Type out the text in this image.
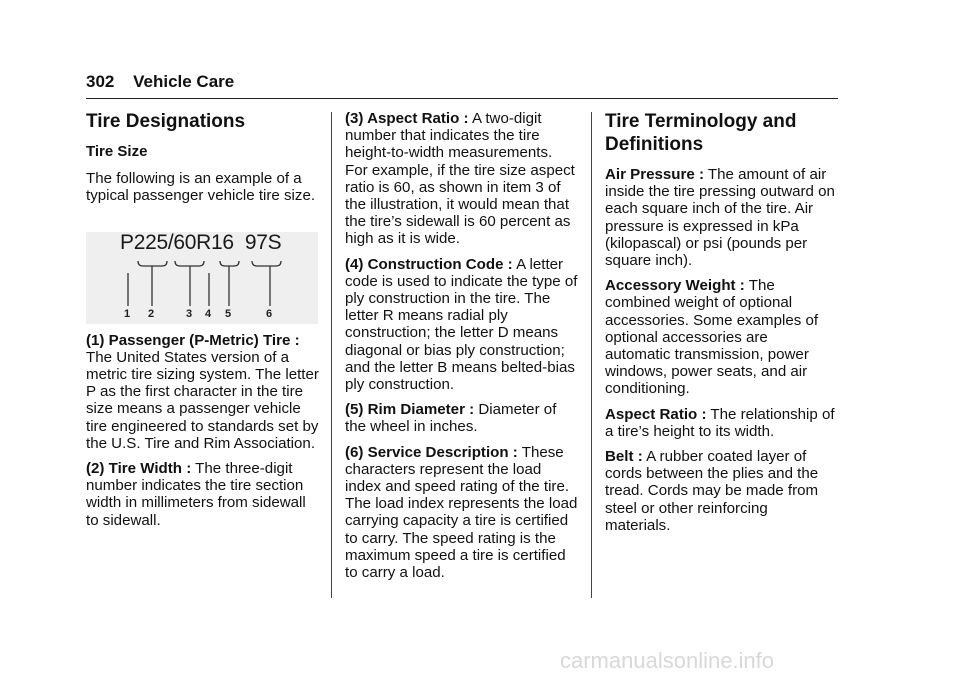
302 Vehicle Care
Tire Designations
Tire Size

The following is an example of a typical passenger vehicle tire size.

P225/60R16 97S
1 2	3 4 5	6

(1) Passenger (P-Metric) Tire : The United States version of a metric tire sizing system. The letter P as the first character in the tire size means a passenger vehicle tire engineered to standards set by the U.S. Tire and Rim Association.

(2) Tire Width : The three-digit number indicates the tire section width in millimeters from sidewall to sidewall.

(3) Aspect Ratio : A two-digit number that indicates the tire height-to-width measurements. For example, if the tire size aspect ratio is 60, as shown in item 3 of the illustration, it would mean that the tire’s sidewall is 60 percent as high as it is wide.

(4) Construction Code : A letter code is used to indicate the type of ply construction in the tire. The letter R means radial ply construction; the letter D means diagonal or bias ply construction; and the letter B means belted-bias ply construction.

(5) Rim Diameter : Diameter of the wheel in inches.

(6) Service Description : These characters represent the load index and speed rating of the tire. The load index represents the load carrying capacity a tire is certified to carry. The speed rating is the maximum speed a tire is certified to carry a load.

Tire Terminology and Definitions

Air Pressure : The amount of air inside the tire pressing outward on each square inch of the tire. Air pressure is expressed in kPa (kilopascal) or psi (pounds per square inch).

Accessory Weight : The combined weight of optional accessories. Some examples of optional accessories are automatic transmission, power windows, power seats, and air conditioning.

Aspect Ratio : The relationship of a tire’s height to its width.

Belt : A rubber coated layer of cords between the plies and the tread. Cords may be made from steel or other reinforcing materials.

carmanualsonline.info
